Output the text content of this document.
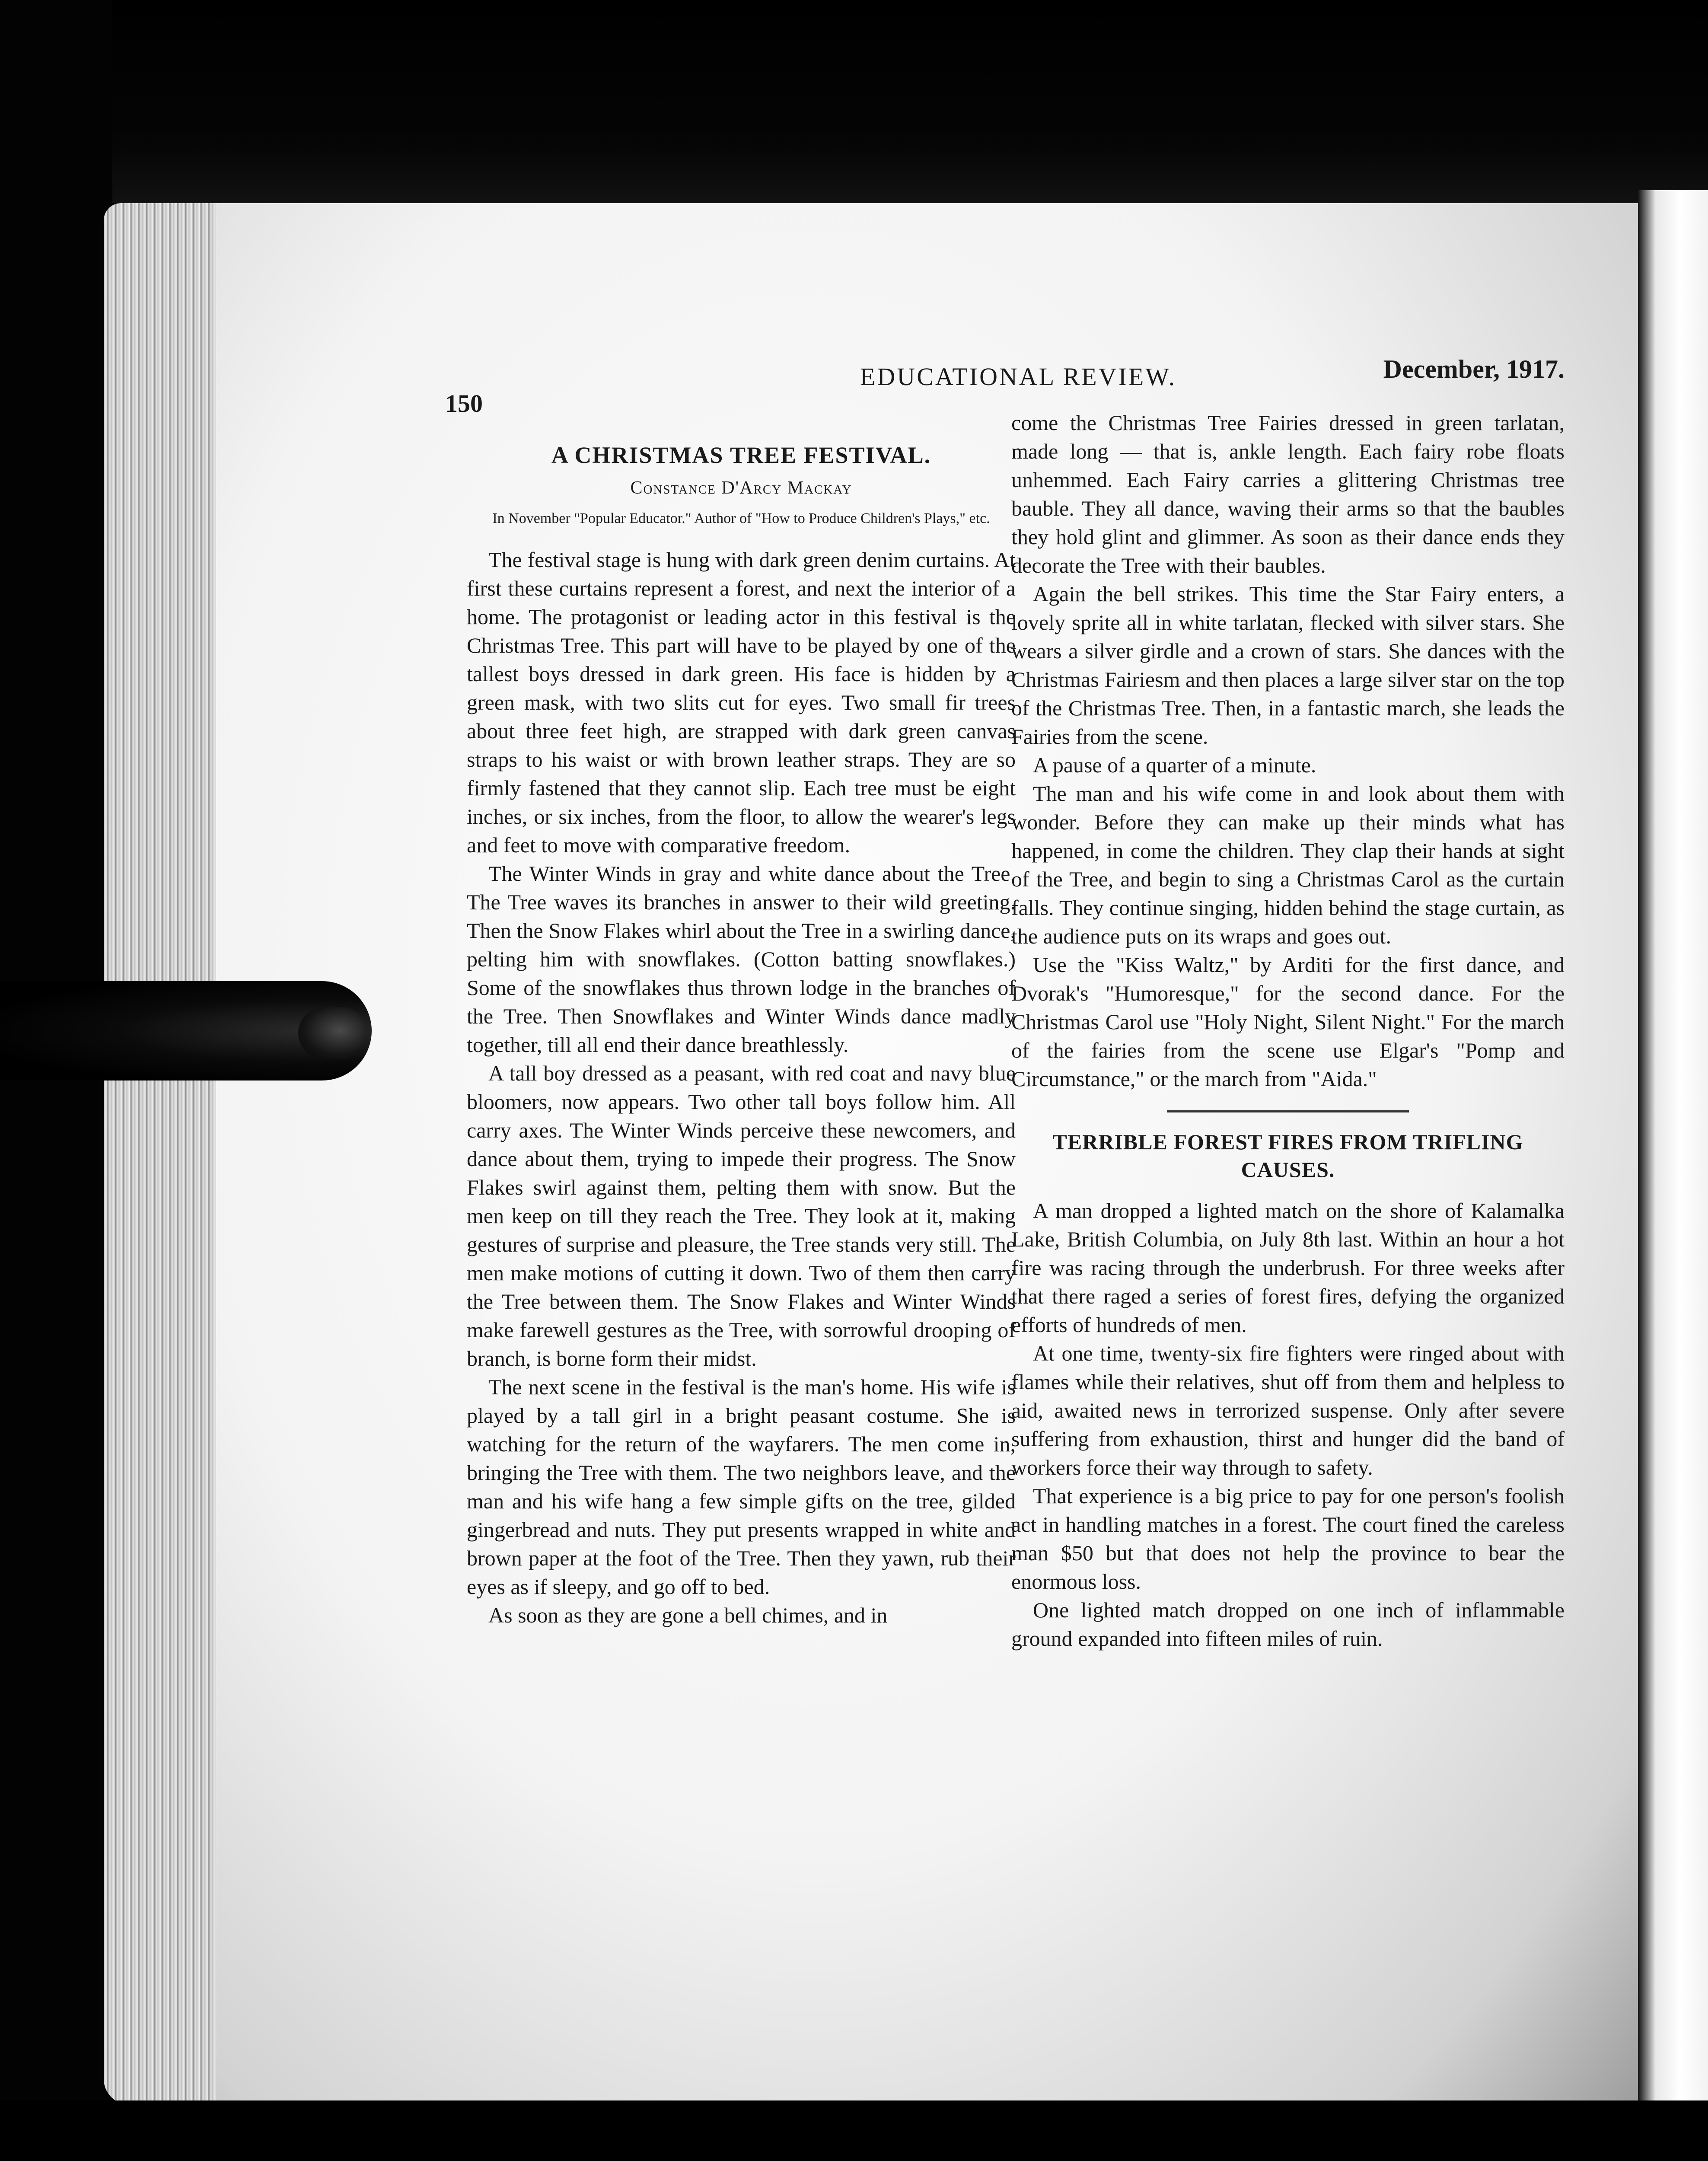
150
EDUCATIONAL REVIEW.	December, 1917.
A CHRISTMAS TREE FESTIVAL.
Constance D'Arcy Mackay
In November "Popular Educator." Author of "How to Produce Children's Plays," etc.

The festival stage is hung with dark green denim curtains. At first these curtains represent a forest, and next the interior of a home. The protagonist or leading actor in this festival is the Christmas Tree. This part will have to be played by one of the tallest boys dressed in dark green. His face is hidden by a green mask, with two slits cut for eyes. Two small fir trees about three feet high, are strapped with dark green canvas straps to his waist or with brown leather straps. They are so firmly fastened that they cannot slip. Each tree must be eight inches, or six inches, from the floor, to allow the wearer's legs and feet to move with comparative freedom.

The Winter Winds in gray and white dance about the Tree. The Tree waves its branches in answer to their wild greeting. Then the Snow Flakes whirl about the Tree in a swirling dance, pelting him with snowflakes. (Cotton batting snowflakes.) Some of the snowflakes thus thrown lodge in the branches of the Tree. Then Snowflakes and Winter Winds dance madly together, till all end their dance breathlessly.

A tall boy dressed as a peasant, with red coat and navy blue bloomers, now appears. Two other tall boys follow him. All carry axes. The Winter Winds perceive these newcomers, and dance about them, trying to impede their progress. The Snow Flakes swirl against them, pelting them with snow. But the men keep on till they reach the Tree. They look at it, making gestures of surprise and pleasure, the Tree stands very still. The men make motions of cutting it down. Two of them then carry the Tree between them. The Snow Flakes and Winter Winds make farewell gestures as the Tree, with sorrowful drooping of branch, is borne form their midst.

The next scene in the festival is the man's home. His wife is played by a tall girl in a bright peasant costume. She is watching for the return of the wayfarers. The men come in, bringing the Tree with them. The two neighbors leave, and the man and his wife hang a few simple gifts on the tree, gilded gingerbread and nuts. They put presents wrapped in white and brown paper at the foot of the Tree. Then they yawn, rub their eyes as if sleepy, and go off to bed.

As soon as they are gone a bell chimes, and in

come the Christmas Tree Fairies dressed in green tarlatan, made long — that is, ankle length. Each fairy robe floats unhemmed. Each Fairy carries a glittering Christmas tree bauble. They all dance, waving their arms so that the baubles they hold glint and glimmer. As soon as their dance ends they decorate the Tree with their baubles.

Again the bell strikes. This time the Star Fairy enters, a lovely sprite all in white tarlatan, flecked with silver stars. She wears a silver girdle and a crown of stars. She dances with the Christmas Fairiesm and then places a large silver star on the top of the Christmas Tree. Then, in a fantastic march, she leads the Fairies from the scene.

A pause of a quarter of a minute.

The man and his wife come in and look about them with wonder. Before they can make up their minds what has happened, in come the children. They clap their hands at sight of the Tree, and begin to sing a Christmas Carol as the curtain falls. They continue singing, hidden behind the stage curtain, as the audience puts on its wraps and goes out.

Use the "Kiss Waltz," by Arditi for the first dance, and Dvorak's "Humoresque," for the second dance. For the Christmas Carol use "Holy Night, Silent Night." For the march of the fairies from the scene use Elgar's "Pomp and Circumstance," or the march from "Aida."

TERRIBLE FOREST FIRES FROM TRIFLING CAUSES.

A man dropped a lighted match on the shore of Kalamalka Lake, British Columbia, on July 8th last. Within an hour a hot fire was racing through the underbrush. For three weeks after that there raged a series of forest fires, defying the organized efforts of hundreds of men.

At one time, twenty-six fire fighters were ringed about with flames while their relatives, shut off from them and helpless to aid, awaited news in terrorized suspense. Only after severe suffering from exhaustion, thirst and hunger did the band of workers force their way through to safety.

That experience is a big price to pay for one person's foolish act in handling matches in a forest. The court fined the careless man $50 but that does not help the province to bear the enormous loss.

One lighted match dropped on one inch of inflammable ground expanded into fifteen miles of ruin.
